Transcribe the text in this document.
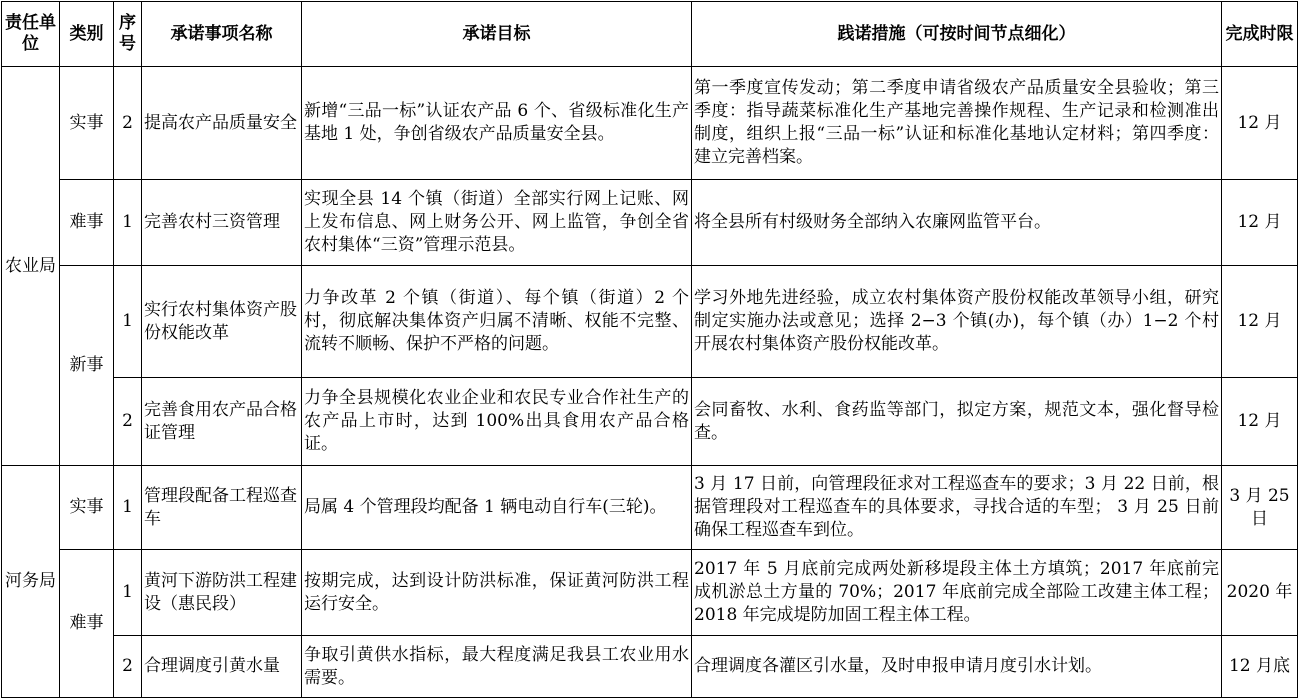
责任单位	类别	序号	承诺事项名称	承诺目标	践诺措施（可按时间节点细化）	完成时限
农业局	实事	2	提高农产品质量安全	新增“三品一标”认证农产品 6 个、省级标准化生产基地 1 处，争创省级农产品质量安全县。	第一季度宣传发动；第二季度申请省级农产品质量安全县验收；第三季度：指导蔬菜标准化生产基地完善操作规程、生产记录和检测准出制度，组织上报“三品一标”认证和标准化基地认定材料；第四季度：建立完善档案。	12 月
	难事	1	完善农村三资管理	实现全县 14 个镇（街道）全部实行网上记账、网上发布信息、网上财务公开、网上监管，争创全省农村集体“三资”管理示范县。	将全县所有村级财务全部纳入农廉网监管平台。	12 月
	新事	1	实行农村集体资产股份权能改革	力争改革 2 个镇（街道）、每个镇（街道）2 个村，彻底解决集体资产归属不清晰、权能不完整、流转不顺畅、保护不严格的问题。	学习外地先进经验，成立农村集体资产股份权能改革领导小组，研究制定实施办法或意见；选择 2−3 个镇(办)，每个镇（办）1−2 个村开展农村集体资产股份权能改革。	12 月
		2	完善食用农产品合格证管理	力争全县规模化农业企业和农民专业合作社生产的农产品上市时，达到 100%出具食用农产品合格证。	会同畜牧、水利、食药监等部门，拟定方案，规范文本，强化督导检查。	12 月
河务局	实事	1	管理段配备工程巡查车	局属 4 个管理段均配备 1 辆电动自行车(三轮)。	3 月 17 日前，向管理段征求对工程巡查车的要求；3 月 22 日前，根据管理段对工程巡查车的具体要求，寻找合适的车型； 3 月 25 日前确保工程巡查车到位。	3 月 25 日
	难事	1	黄河下游防洪工程建设（惠民段）	按期完成，达到设计防洪标准，保证黄河防洪工程运行安全。	2017 年 5 月底前完成两处新移堤段主体土方填筑；2017 年底前完成机淤总土方量的 70%；2017 年底前完成全部险工改建主体工程；2018 年完成堤防加固工程主体工程。	2020 年
		2	合理调度引黄水量	争取引黄供水指标，最大程度满足我县工农业用水需要。	合理调度各灌区引水量，及时申报申请月度引水计划。	12 月底
